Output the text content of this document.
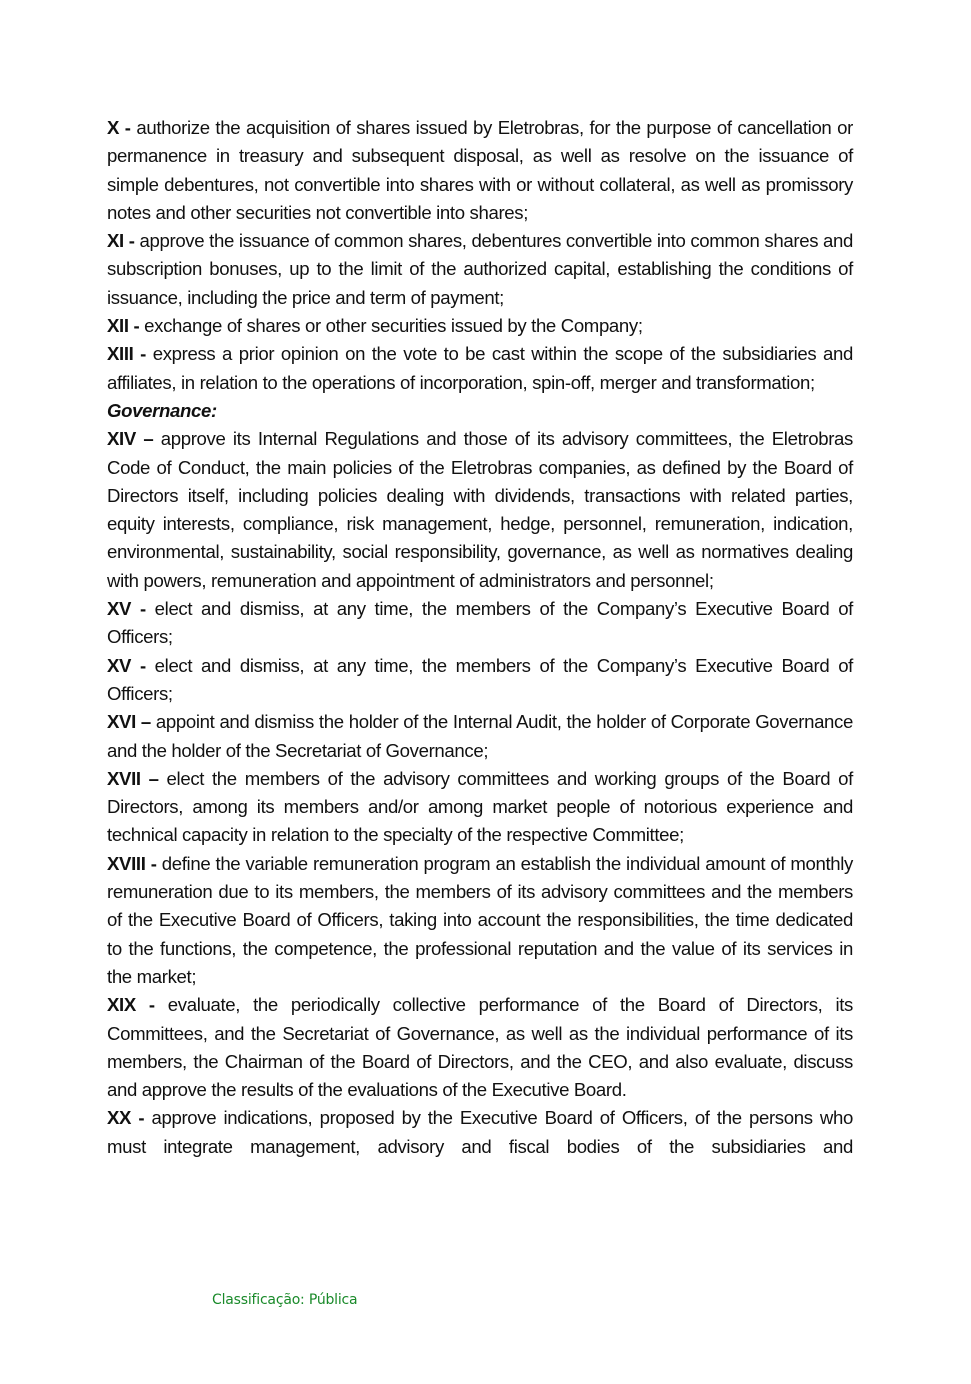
X - authorize the acquisition of shares issued by Eletrobras, for the purpose of cancellation or permanence in treasury and subsequent disposal, as well as resolve on the issuance of simple debentures, not convertible into shares with or without collateral, as well as promissory notes and other securities not convertible into shares;

XI - approve the issuance of common shares, debentures convertible into common shares and subscription bonuses, up to the limit of the authorized capital, establishing the conditions of issuance, including the price and term of payment;

XII - exchange of shares or other securities issued by the Company;

XIII - express a prior opinion on the vote to be cast within the scope of the subsidiaries and affiliates, in relation to the operations of incorporation, spin-off, merger and transformation;

Governance:

XIV – approve its Internal Regulations and those of its advisory committees, the Eletrobras Code of Conduct, the main policies of the Eletrobras companies, as defined by the Board of Directors itself, including policies dealing with dividends, transactions with related parties, equity interests, compliance, risk management, hedge, personnel, remuneration, indication, environmental, sustainability, social responsibility, governance, as well as normatives dealing with powers, remuneration and appointment of administrators and personnel;

XV - elect and dismiss, at any time, the members of the Company’s Executive Board of Officers;

XV - elect and dismiss, at any time, the members of the Company’s Executive Board of Officers;

XVI – appoint and dismiss the holder of the Internal Audit, the holder of Corporate Governance and the holder of the Secretariat of Governance;

XVII – elect the members of the advisory committees and working groups of the Board of Directors, among its members and/or among market people of notorious experience and technical capacity in relation to the specialty of the respective Committee;

XVIII - define the variable remuneration program an establish the individual amount of monthly remuneration due to its members, the members of its advisory committees and the members of the Executive Board of Officers, taking into account the responsibilities, the time dedicated to the functions, the competence, the professional reputation and the value of its services in the market;

XIX - evaluate, the periodically collective performance of the Board of Directors, its Committees, and the Secretariat of Governance, as well as the individual performance of its members, the Chairman of the Board of Directors, and the CEO, and also evaluate, discuss and approve the results of the evaluations of the Executive Board.

XX - approve indications, proposed by the Executive Board of Officers, of the persons who must integrate management, advisory and fiscal bodies of the subsidiaries and

Classificação: Pública
